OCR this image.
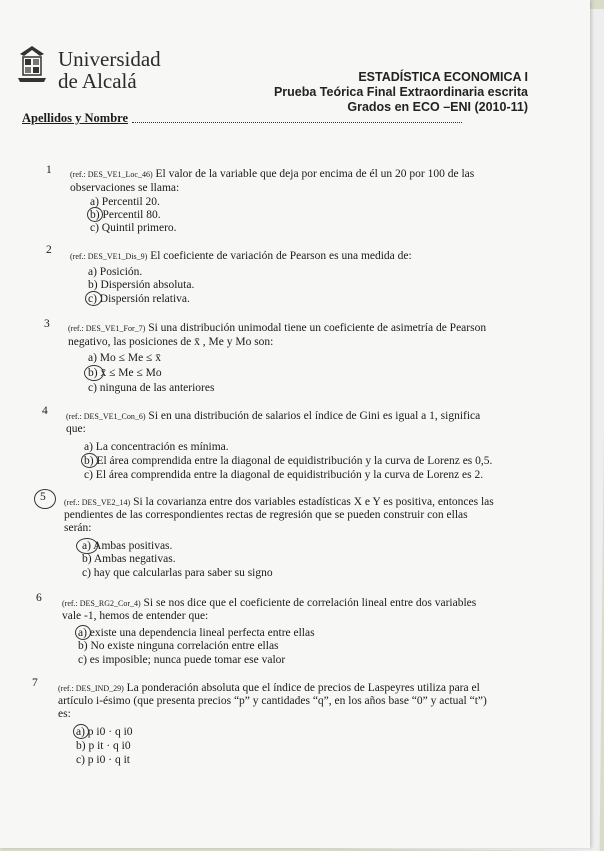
Universidad
de Alcalá	ESTADÍSTICA ECONOMICA I
Prueba Teórica Final Extraordinaria escrita
Grados en ECO –ENI (2010-11)
Apellidos y Nombre
1 (ref.: DES_VE1_Loc_46) El valor de la variable que deja por encima de él un 20 por 100 de las
observaciones se llama:
a) Percentil 20.
b) Percentil 80.
c) Quintil primero.
2
(ref.: DES_VE1_Dis_9) El coeficiente de variación de Pearson es una medida de:
a) Posición.
b) Dispersión absoluta.
c) Dispersión relativa.
3 (ref.: DES_VE1_For_7) Si una distribución unimodal tiene un coeficiente de asimetría de Pearson
negativo, las posiciones de x̄ , Me y Mo son:
a) Mo ≤ Me ≤ x̄
b) x̄ ≤ Me ≤ Mo
c) ninguna de las anteriores
4 (ref.: DES_VE1_Con_6) Si en una distribución de salarios el índice de Gini es igual a 1, significa
que:
a) La concentración es mínima.
b) El área comprendida entre la diagonal de equidistribución y la curva de Lorenz es 0,5.
c) El área comprendida entre la diagonal de equidistribución y la curva de Lorenz es 2.
5 (ref.: DES_VE2_14) Si la covarianza entre dos variables estadísticas X e Y es positiva, entonces las
pendientes de las correspondientes rectas de regresión que se pueden construir con ellas
serán:
a) Ambas positivas.
b) Ambas negativas.
c) hay que calcularlas para saber su signo
6	(ref.: DES_RG2_Cor_4) Si se nos dice que el coeficiente de correlación lineal entre dos variables
vale -1, hemos de entender que:
a) existe una dependencia lineal perfecta entre ellas
b) No existe ninguna correlación entre ellas
c) es imposible; nunca puede tomar ese valor
7	(ref.: DES_IND_29) La ponderación absoluta que el índice de precios de Laspeyres utiliza para el
artículo i-ésimo (que presenta precios “p” y cantidades “q”, en los años base “0” y actual “t”)
es:
a) p i0 · q i0
b) p it · q i0
c) p i0 · q it
